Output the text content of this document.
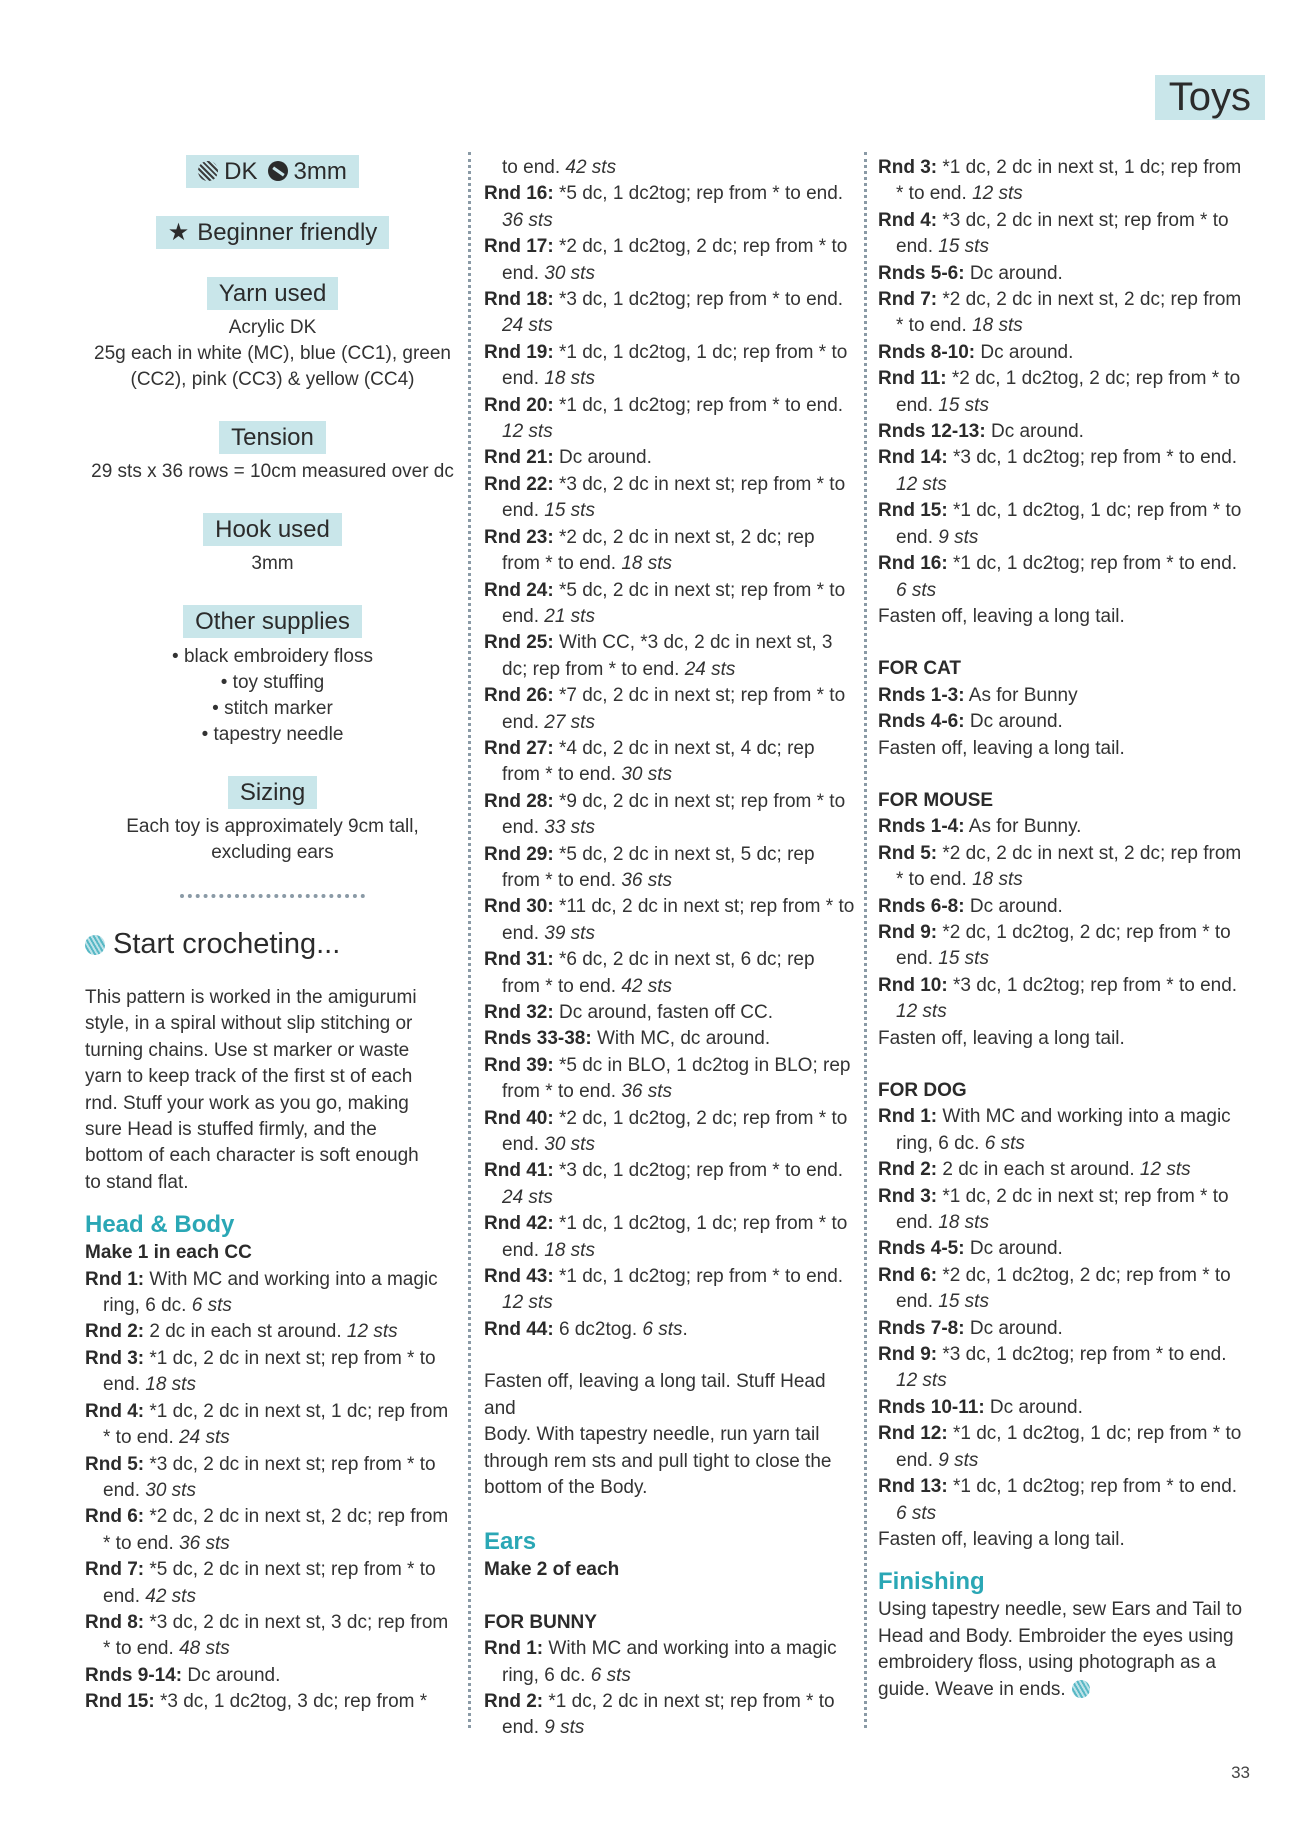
Toys
DK 3mm
★ Beginner friendly
Yarn used
Acrylic DK
25g each in white (MC), blue (CC1), green
(CC2), pink (CC3) & yellow (CC4)
Tension
29 sts x 36 rows = 10cm measured over dc
Hook used
3mm
Other supplies
• black embroidery floss
• toy stuffing
• stitch marker
• tapestry needle
Sizing
Each toy is approximately 9cm tall,
excluding ears
Start crocheting...
This pattern is worked in the amigurumi
style, in a spiral without slip stitching or
turning chains. Use st marker or waste
yarn to keep track of the first st of each
rnd. Stuff your work as you go, making
sure Head is stuffed firmly, and the
bottom of each character is soft enough
to stand flat.
Head & Body
Make 1 in each CC
Rnd 1: With MC and working into a magic ring, 6 dc. 6 sts
Rnd 2: 2 dc in each st around. 12 sts
Rnd 3: *1 dc, 2 dc in next st; rep from * to end. 18 sts
Rnd 4: *1 dc, 2 dc in next st, 1 dc; rep from * to end. 24 sts
Rnd 5: *3 dc, 2 dc in next st; rep from * to end. 30 sts
Rnd 6: *2 dc, 2 dc in next st, 2 dc; rep from * to end. 36 sts
Rnd 7: *5 dc, 2 dc in next st; rep from * to end. 42 sts
Rnd 8: *3 dc, 2 dc in next st, 3 dc; rep from * to end. 48 sts
Rnds 9-14: Dc around.
Rnd 15: *3 dc, 1 dc2tog, 3 dc; rep from *
to end. 42 sts
Rnd 16: *5 dc, 1 dc2tog; rep from * to end. 36 sts
Rnd 17: *2 dc, 1 dc2tog, 2 dc; rep from * to end. 30 sts
Rnd 18: *3 dc, 1 dc2tog; rep from * to end. 24 sts
Rnd 19: *1 dc, 1 dc2tog, 1 dc; rep from * to end. 18 sts
Rnd 20: *1 dc, 1 dc2tog; rep from * to end. 12 sts
Rnd 21: Dc around.
Rnd 22: *3 dc, 2 dc in next st; rep from * to end. 15 sts
Rnd 23: *2 dc, 2 dc in next st, 2 dc; rep from * to end. 18 sts
Rnd 24: *5 dc, 2 dc in next st; rep from * to end. 21 sts
Rnd 25: With CC, *3 dc, 2 dc in next st, 3 dc; rep from * to end. 24 sts
Rnd 26: *7 dc, 2 dc in next st; rep from * to end. 27 sts
Rnd 27: *4 dc, 2 dc in next st, 4 dc; rep from * to end. 30 sts
Rnd 28: *9 dc, 2 dc in next st; rep from * to end. 33 sts
Rnd 29: *5 dc, 2 dc in next st, 5 dc; rep from * to end. 36 sts
Rnd 30: *11 dc, 2 dc in next st; rep from * to end. 39 sts
Rnd 31: *6 dc, 2 dc in next st, 6 dc; rep from * to end. 42 sts
Rnd 32: Dc around, fasten off CC.
Rnds 33-38: With MC, dc around.
Rnd 39: *5 dc in BLO, 1 dc2tog in BLO; rep from * to end. 36 sts
Rnd 40: *2 dc, 1 dc2tog, 2 dc; rep from * to end. 30 sts
Rnd 41: *3 dc, 1 dc2tog; rep from * to end. 24 sts
Rnd 42: *1 dc, 1 dc2tog, 1 dc; rep from * to end. 18 sts
Rnd 43: *1 dc, 1 dc2tog; rep from * to end. 12 sts
Rnd 44: 6 dc2tog. 6 sts.
Fasten off, leaving a long tail. Stuff Head and
Body. With tapestry needle, run yarn tail
through rem sts and pull tight to close the
bottom of the Body.
Ears
Make 2 of each
FOR BUNNY
Rnd 1: With MC and working into a magic ring, 6 dc. 6 sts
Rnd 2: *1 dc, 2 dc in next st; rep from * to end. 9 sts
Rnd 3: *1 dc, 2 dc in next st, 1 dc; rep from * to end. 12 sts
Rnd 4: *3 dc, 2 dc in next st; rep from * to end. 15 sts
Rnds 5-6: Dc around.
Rnd 7: *2 dc, 2 dc in next st, 2 dc; rep from * to end. 18 sts
Rnds 8-10: Dc around.
Rnd 11: *2 dc, 1 dc2tog, 2 dc; rep from * to end. 15 sts
Rnds 12-13: Dc around.
Rnd 14: *3 dc, 1 dc2tog; rep from * to end. 12 sts
Rnd 15: *1 dc, 1 dc2tog, 1 dc; rep from * to end. 9 sts
Rnd 16: *1 dc, 1 dc2tog; rep from * to end. 6 sts
Fasten off, leaving a long tail.
FOR CAT
Rnds 1-3: As for Bunny
Rnds 4-6: Dc around.
Fasten off, leaving a long tail.
FOR MOUSE
Rnds 1-4: As for Bunny.
Rnd 5: *2 dc, 2 dc in next st, 2 dc; rep from * to end. 18 sts
Rnds 6-8: Dc around.
Rnd 9: *2 dc, 1 dc2tog, 2 dc; rep from * to end. 15 sts
Rnd 10: *3 dc, 1 dc2tog; rep from * to end. 12 sts
Fasten off, leaving a long tail.
FOR DOG
Rnd 1: With MC and working into a magic ring, 6 dc. 6 sts
Rnd 2: 2 dc in each st around. 12 sts
Rnd 3: *1 dc, 2 dc in next st; rep from * to end. 18 sts
Rnds 4-5: Dc around.
Rnd 6: *2 dc, 1 dc2tog, 2 dc; rep from * to end. 15 sts
Rnds 7-8: Dc around.
Rnd 9: *3 dc, 1 dc2tog; rep from * to end. 12 sts
Rnds 10-11: Dc around.
Rnd 12: *1 dc, 1 dc2tog, 1 dc; rep from * to end. 9 sts
Rnd 13: *1 dc, 1 dc2tog; rep from * to end. 6 sts
Fasten off, leaving a long tail.
Finishing
Using tapestry needle, sew Ears and Tail to
Head and Body. Embroider the eyes using
embroidery floss, using photograph as a
guide. Weave in ends.
33
